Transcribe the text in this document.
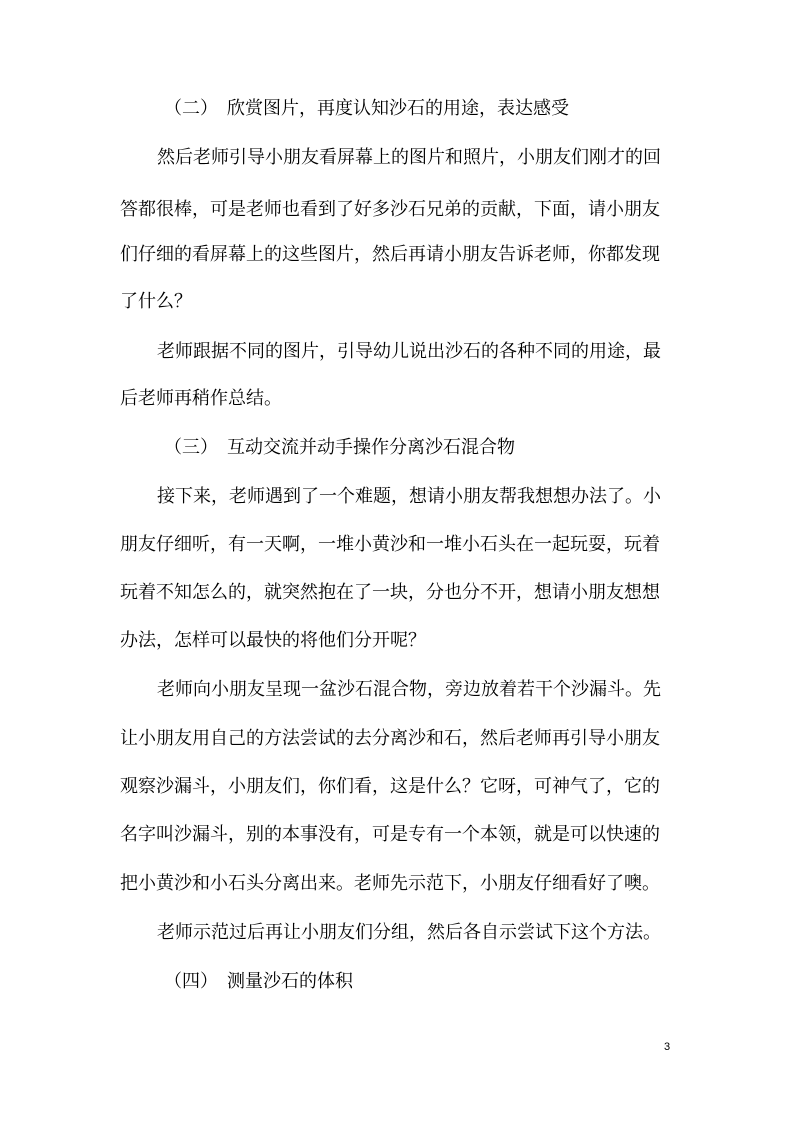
（二）　欣赏图片，再度认知沙石的用途，表达感受
然后老师引导小朋友看屏幕上的图片和照片，小朋友们刚才的回
答都很棒，可是老师也看到了好多沙石兄弟的贡献，下面，请小朋友
们仔细的看屏幕上的这些图片，然后再请小朋友告诉老师，你都发现
了什么？
老师跟据不同的图片，引导幼儿说出沙石的各种不同的用途，最
后老师再稍作总结。
（三）　互动交流并动手操作分离沙石混合物
接下来，老师遇到了一个难题，想请小朋友帮我想想办法了。小
朋友仔细听，有一天啊，一堆小黄沙和一堆小石头在一起玩耍，玩着
玩着不知怎么的，就突然抱在了一块，分也分不开，想请小朋友想想
办法，怎样可以最快的将他们分开呢？
老师向小朋友呈现一盆沙石混合物，旁边放着若干个沙漏斗。先
让小朋友用自己的方法尝试的去分离沙和石，然后老师再引导小朋友
观察沙漏斗，小朋友们，你们看，这是什么？它呀，可神气了，它的
名字叫沙漏斗，别的本事没有，可是专有一个本领，就是可以快速的
把小黄沙和小石头分离出来。老师先示范下，小朋友仔细看好了噢。
老师示范过后再让小朋友们分组，然后各自示尝试下这个方法。
（四）　测量沙石的体积
3
